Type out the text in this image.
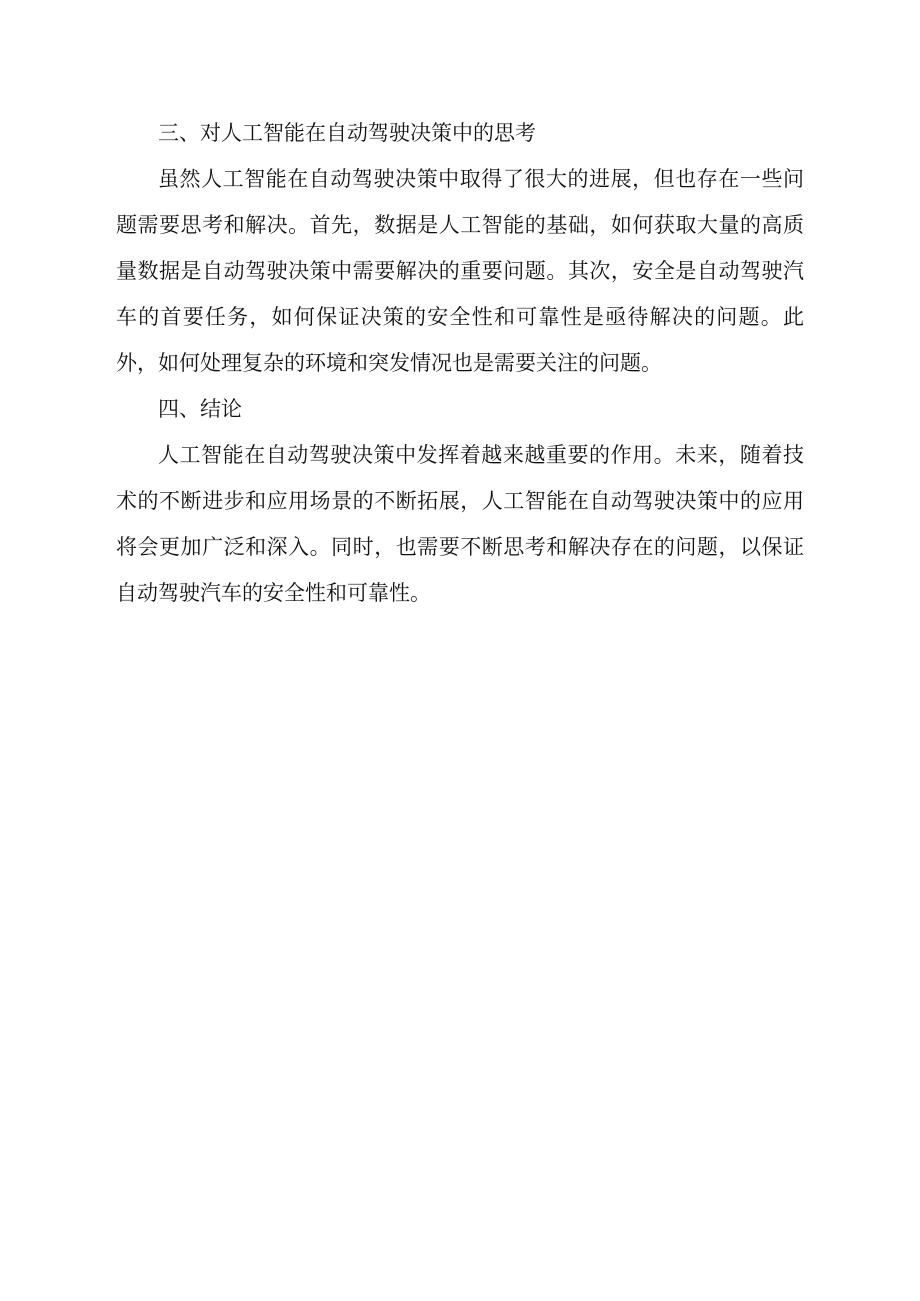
三、对人工智能在自动驾驶决策中的思考

虽然人工智能在自动驾驶决策中取得了很大的进展，但也存在一些问题需要思考和解决。首先，数据是人工智能的基础，如何获取大量的高质量数据是自动驾驶决策中需要解决的重要问题。其次，安全是自动驾驶汽车的首要任务，如何保证决策的安全性和可靠性是亟待解决的问题。此外，如何处理复杂的环境和突发情况也是需要关注的问题。

四、结论

人工智能在自动驾驶决策中发挥着越来越重要的作用。未来，随着技术的不断进步和应用场景的不断拓展，人工智能在自动驾驶决策中的应用将会更加广泛和深入。同时，也需要不断思考和解决存在的问题，以保证自动驾驶汽车的安全性和可靠性。
